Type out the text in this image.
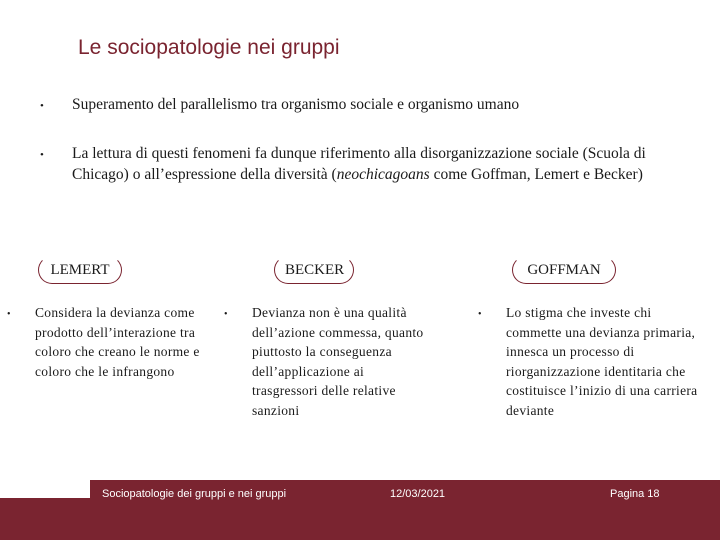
Le sociopatologie nei gruppi
•	Superamento del parallelismo tra organismo sociale e organismo umano
•	La lettura di questi fenomeni fa dunque riferimento alla disorganizzazione sociale (Scuola di Chicago) o all’espressione della diversità (neochicagoans come Goffman, Lemert e Becker)
LEMERT	BECKER	GOFFMAN
•	Considera la devianza come prodotto dell’interazione tra coloro che creano le norme e coloro che le infrangono
•	Devianza non è una qualità dell’azione commessa, quanto piuttosto la conseguenza dell’applicazione ai trasgressori delle relative sanzioni
•	Lo stigma che investe chi commette una devianza primaria, innesca un processo di riorganizzazione identitaria che costituisce l’inizio di una carriera deviante
Sociopatologie dei gruppi e nei gruppi	12/03/2021	Pagina 18
